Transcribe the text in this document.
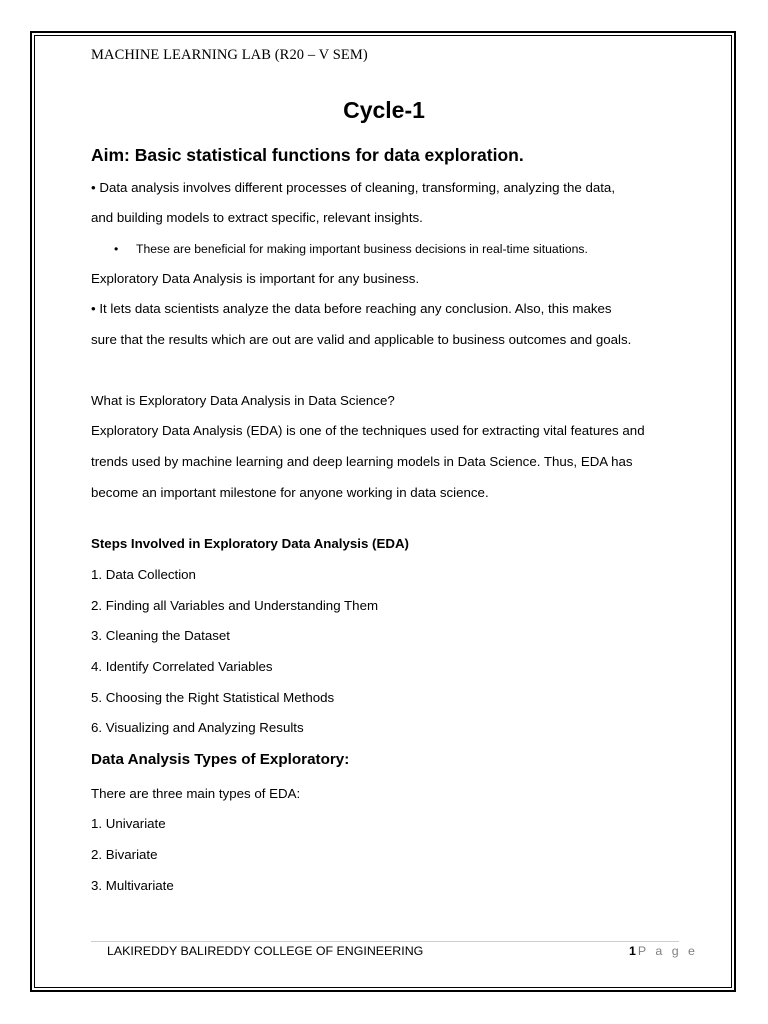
MACHINE LEARNING LAB (R20 – V SEM)
Cycle-1
Aim: Basic statistical functions for data exploration.
• Data analysis involves different processes of cleaning, transforming, analyzing the data,
and building models to extract specific, relevant insights.
• These are beneficial for making important business decisions in real-time situations.
Exploratory Data Analysis is important for any business.
• It lets data scientists analyze the data before reaching any conclusion. Also, this makes
sure that the results which are out are valid and applicable to business outcomes and goals.
What is Exploratory Data Analysis in Data Science?
Exploratory Data Analysis (EDA) is one of the techniques used for extracting vital features and
trends used by machine learning and deep learning models in Data Science. Thus, EDA has
become an important milestone for anyone working in data science.
Steps Involved in Exploratory Data Analysis (EDA)
1. Data Collection
2. Finding all Variables and Understanding Them
3. Cleaning the Dataset
4. Identify Correlated Variables
5. Choosing the Right Statistical Methods
6. Visualizing and Analyzing Results
Data Analysis Types of Exploratory:
There are three main types of EDA:
1. Univariate
2. Bivariate
3. Multivariate
LAKIREDDY BALIREDDY COLLEGE OF ENGINEERING	1 P a g e
